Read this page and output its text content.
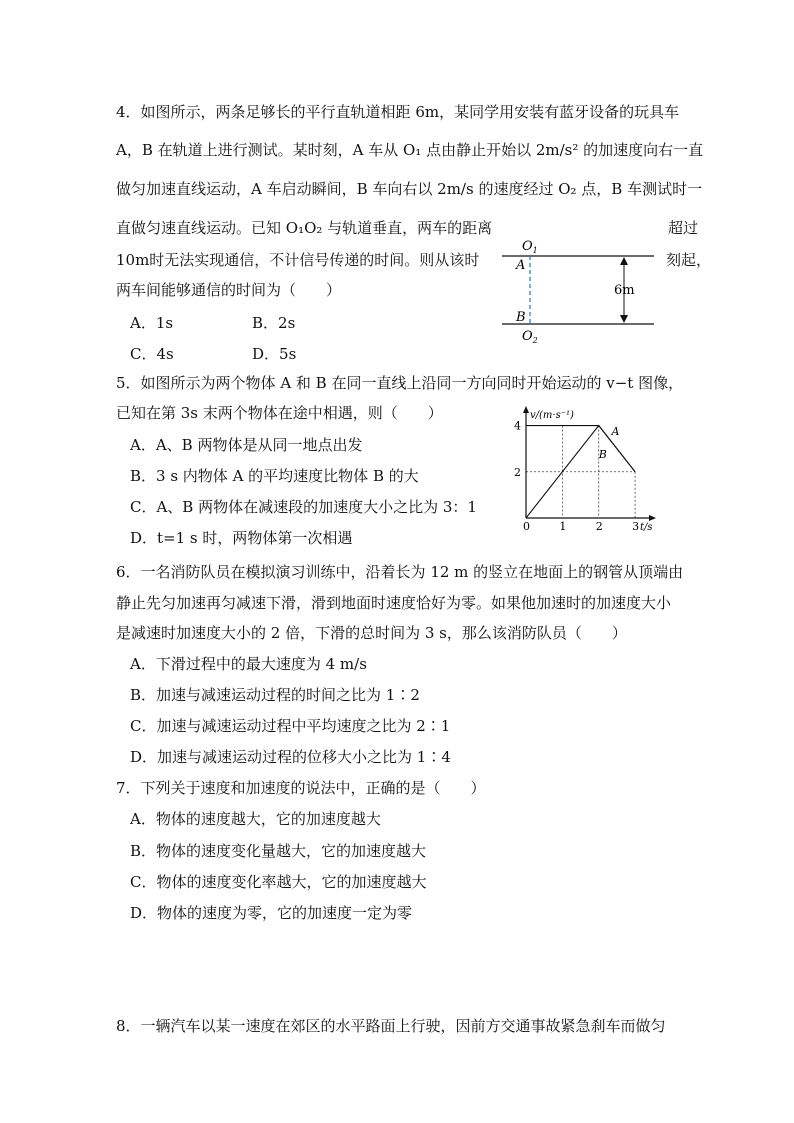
4．如图所示，两条足够长的平行直轨道相距 6m，某同学用安装有蓝牙设备的玩具车
A，B 在轨道上进行测试。某时刻，A 车从 O₁ 点由静止开始以 2m/s² 的加速度向右一直
做匀加速直线运动，A 车启动瞬间，B 车向右以 2m/s 的速度经过 O₂ 点，B 车测试时一
直做匀速直线运动。已知 O₁O₂ 与轨道垂直，两车的距离	超过
10m时无法实现通信，不计信号传递的时间。则从该时	刻起，
两车间能够通信的时间为（　　）
A．1s	B．2s
C．4s	D．5s
$O_1$
A
B
$O_2$
6m
5．如图所示为两个物体 A 和 B 在同一直线上沿同一方向同时开始运动的 v−t 图像，
已知在第 3s 末两个物体在途中相遇，则（　　）
A．A、B 两物体是从同一地点出发
B．3 s 内物体 A 的平均速度比物体 B 的大
C．A、B 两物体在减速段的加速度大小之比为 3：1
D．t=1 s 时，两物体第一次相遇
v/(m·s⁻¹)
t/s
0	1	2	3
2
4	A
B
6．一名消防队员在模拟演习训练中，沿着长为 12 m 的竖立在地面上的钢管从顶端由
静止先匀加速再匀减速下滑，滑到地面时速度恰好为零。如果他加速时的加速度大小
是减速时加速度大小的 2 倍，下滑的总时间为 3 s，那么该消防队员（　　）
A．下滑过程中的最大速度为 4 m/s
B．加速与减速运动过程的时间之比为 1∶2
C．加速与减速运动过程中平均速度之比为 2∶1
D．加速与减速运动过程的位移大小之比为 1∶4
7．下列关于速度和加速度的说法中，正确的是（　　）
A．物体的速度越大，它的加速度越大
B．物体的速度变化量越大，它的加速度越大
C．物体的速度变化率越大，它的加速度越大
D．物体的速度为零，它的加速度一定为零
8．一辆汽车以某一速度在郊区的水平路面上行驶，因前方交通事故紧急刹车而做匀
